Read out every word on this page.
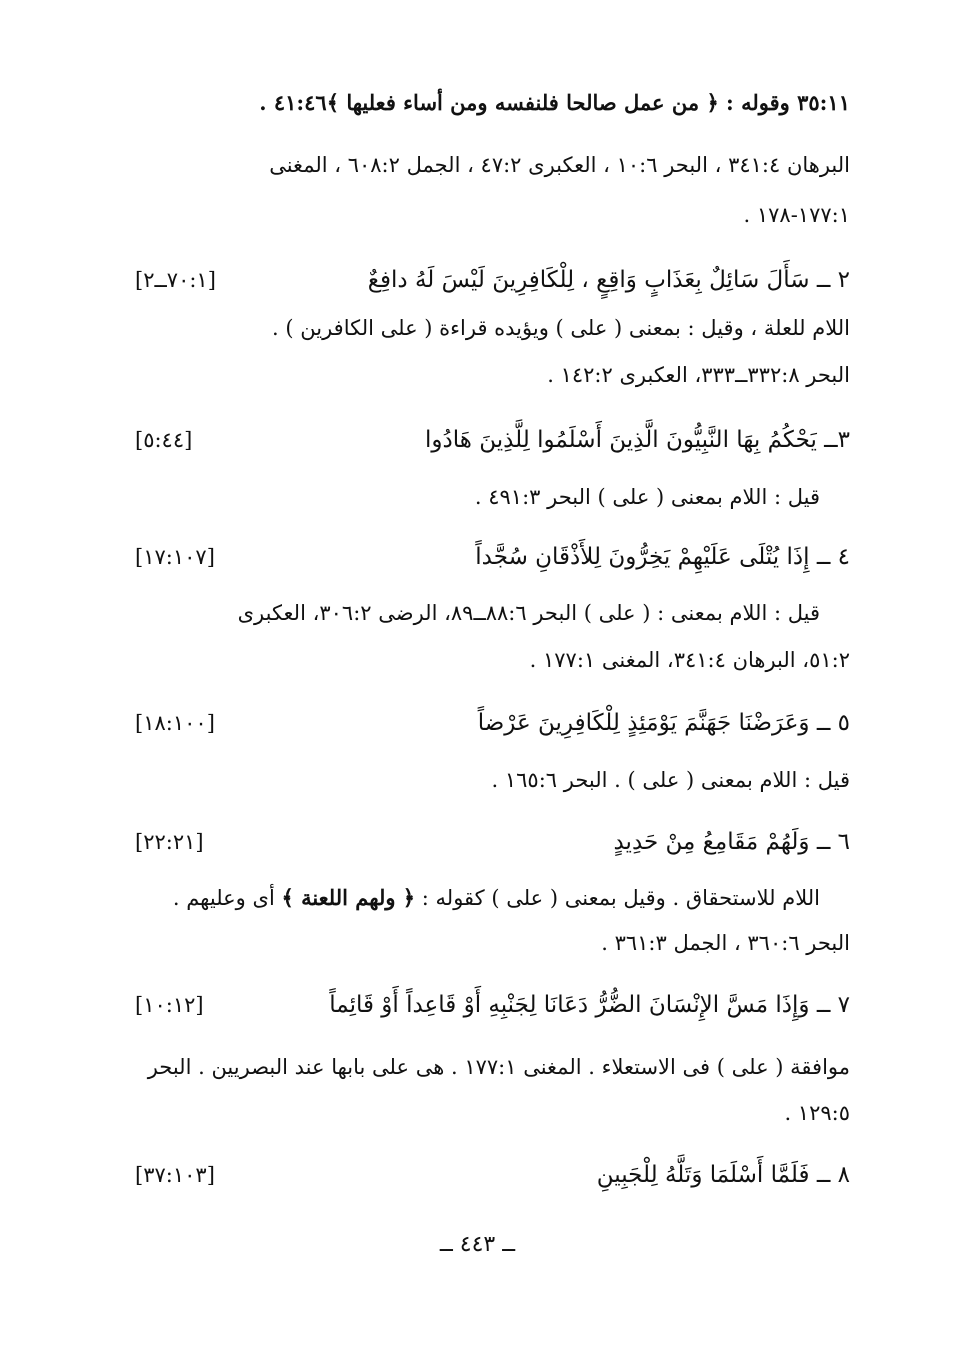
٣٥:١١ وقوله : ﴿ من عمل صالحا فلنفسه ومن أساء فعليها ﴾٤١:٤٦ .
البرهان ٣٤١:٤ ، البحر ١٠:٦ ، العكبرى ٤٧:٢ ، الجمل ٦٠٨:٢ ، المغنى
١٧٧:١-١٧٨ .
٢ ــ سَأَلَ سَائِلٌ بِعَذَابٍ وَاقِعٍ ، لِلْكَافِرِينَ لَيْسَ لَهُ دافِعٌ
[٧٠:١ــ٢]
اللام للعلة ، وقيل : بمعنى ( على ) ويؤيده قراءة ( على الكافرين ) .
البحر ٣٣٢:٨ــ٣٣٣، العكبرى ١٤٢:٢ .
٣ــ يَحْكُمُ بِهَا النَّبِيُّونَ الَّذِينَ أَسْلَمُوا لِلَّذِينَ هَادُوا
[٥:٤٤]
قيل : اللام بمعنى ( على ) البحر ٤٩١:٣ .
٤ ــ إِذَا يُتْلَى عَلَيْهِمْ يَخِرُّونَ لِلأَذْقَانِ سُجَّداً
[١٧:١٠٧]
قيل : اللام بمعنى : ( على ) البحر ٨٨:٦ــ٨٩، الرضى ٣٠٦:٢، العكبرى
٥١:٢، البرهان ٣٤١:٤، المغنى ١٧٧:١ .
٥ ــ وَعَرَضْنَا جَهَنَّمَ يَوْمَئِذٍ لِلْكَافِرِينَ عَرْضاً
[١٨:١٠٠]
قيل : اللام بمعنى ( على ) . البحر ١٦٥:٦ .
٦ ــ وَلَهُمْ مَقَامِعُ مِنْ حَدِيدٍ
[٢٢:٢١]
اللام للاستحقاق . وقيل بمعنى ( على ) كقوله : ﴿ ولهم اللعنة ﴾ أى وعليهم .
البحر ٣٦٠:٦ ، الجمل ٣٦١:٣ .
٧ ــ وَإِذَا مَسَّ الإِنْسَانَ الضُّرُّ دَعَانَا لِجَنْبِهِ أَوْ قَاعِداً أَوْ قَائِماً
[١٠:١٢]
موافقة ( على ) فى الاستعلاء . المغنى ١٧٧:١ . هى على بابها عند البصريين . البحر
١٢٩:٥ .
٨ ــ فَلَمَّا أَسْلَمَا وَتَلَّهُ لِلْجَبِينِ
[٣٧:١٠٣]
ــ ٤٤٣ ــ
